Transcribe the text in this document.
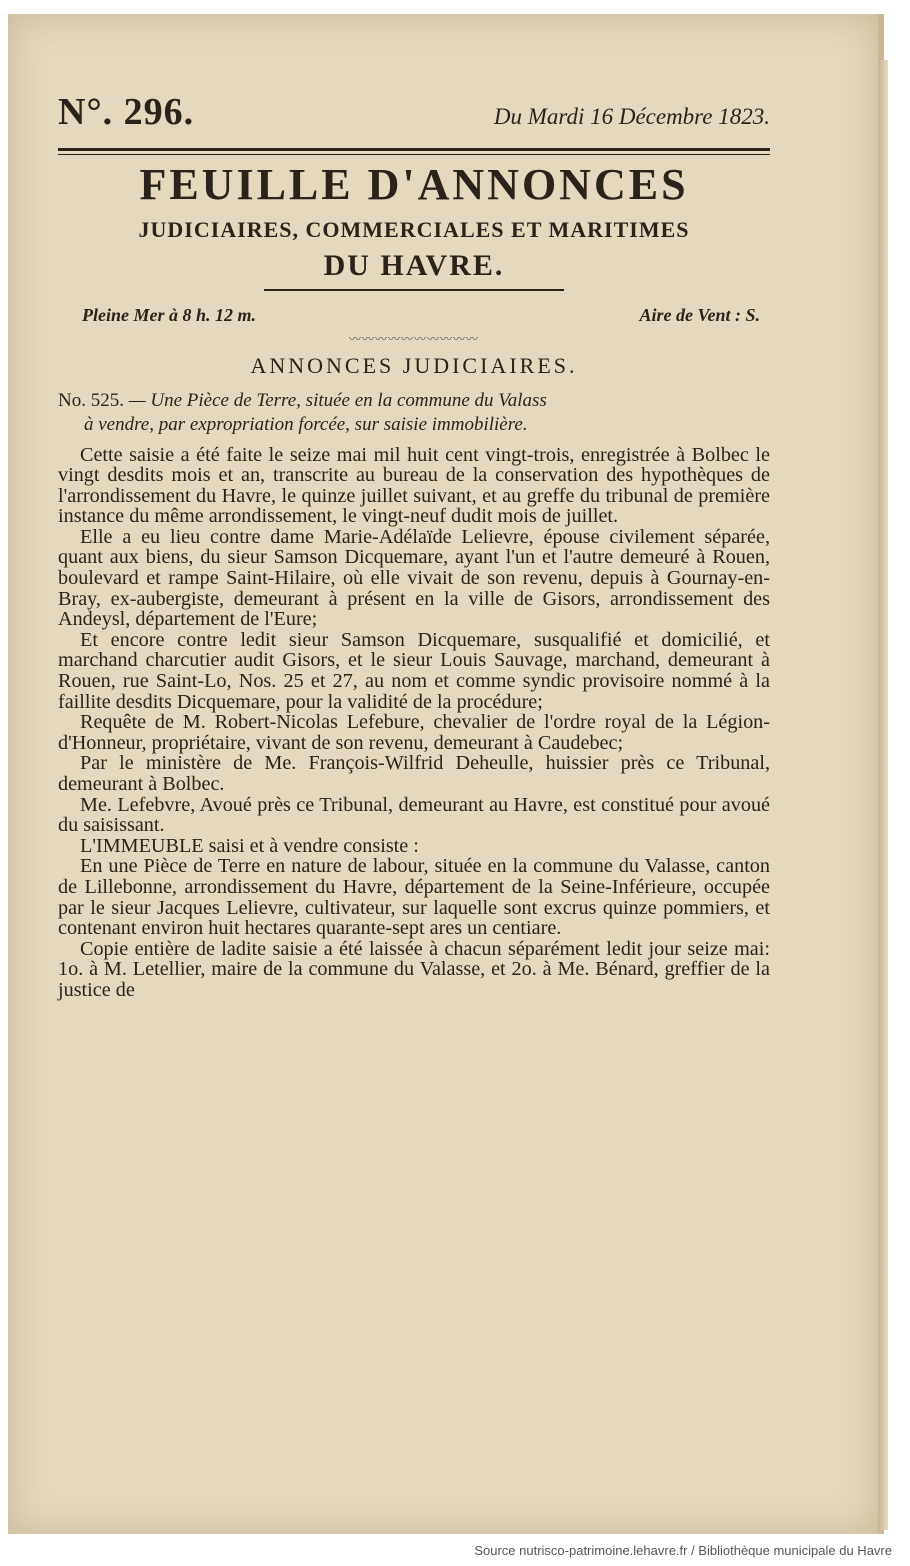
N°. 296.	Du Mardi 16 Décembre 1823.
FEUILLE D'ANNONCES
JUDICIAIRES, COMMERCIALES ET MARITIMES
DU HAVRE.
Pleine Mer à 8 h. 12 m.	Aire de Vent : S.
〰〰〰〰〰〰〰〰〰〰
ANNONCES JUDICIAIRES.
No. 525. — Une Pièce de Terre, située en la commune du Valass
à vendre, par expropriation forcée, sur saisie immobilière.

Cette saisie a été faite le seize mai mil huit cent vingt-trois, enregistrée à Bolbec le vingt desdits mois et an, transcrite au bureau de la conservation des hypothèques de l'arrondissement du Havre, le quinze juillet suivant, et au greffe du tribunal de première instance du même arrondissement, le vingt-neuf dudit mois de juillet.

Elle a eu lieu contre dame Marie-Adélaïde Lelievre, épouse civilement séparée, quant aux biens, du sieur Samson Dicquemare, ayant l'un et l'autre demeuré à Rouen, boulevard et rampe Saint-Hilaire, où elle vivait de son revenu, depuis à Gournay-en-Bray, ex-aubergiste, demeurant à présent en la ville de Gisors, arrondissement des Andeysl, département de l'Eure;

Et encore contre ledit sieur Samson Dicquemare, susqualifié et domicilié, et marchand charcutier audit Gisors, et le sieur Louis Sauvage, marchand, demeurant à Rouen, rue Saint-Lo, Nos. 25 et 27, au nom et comme syndic provisoire nommé à la faillite desdits Dicquemare, pour la validité de la procédure;

Requête de M. Robert-Nicolas Lefebure, chevalier de l'ordre royal de la Légion-d'Honneur, propriétaire, vivant de son revenu, demeurant à Caudebec;

Par le ministère de Me. François-Wilfrid Deheulle, huissier près ce Tribunal, demeurant à Bolbec.

Me. Lefebvre, Avoué près ce Tribunal, demeurant au Havre, est constitué pour avoué du saisissant.

L'IMMEUBLE saisi et à vendre consiste :

En une Pièce de Terre en nature de labour, située en la commune du Valasse, canton de Lillebonne, arrondissement du Havre, département de la Seine-Inférieure, occupée par le sieur Jacques Lelievre, cultivateur, sur laquelle sont excrus quinze pommiers, et contenant environ huit hectares quarante-sept ares un centiare.

Copie entière de ladite saisie a été laissée à chacun séparément ledit jour seize mai: 1o. à M. Letellier, maire de la commune du Valasse, et 2o. à Me. Bénard, greffier de la justice de

Source nutrisco-patrimoine.lehavre.fr / Bibliothèque municipale du Havre
